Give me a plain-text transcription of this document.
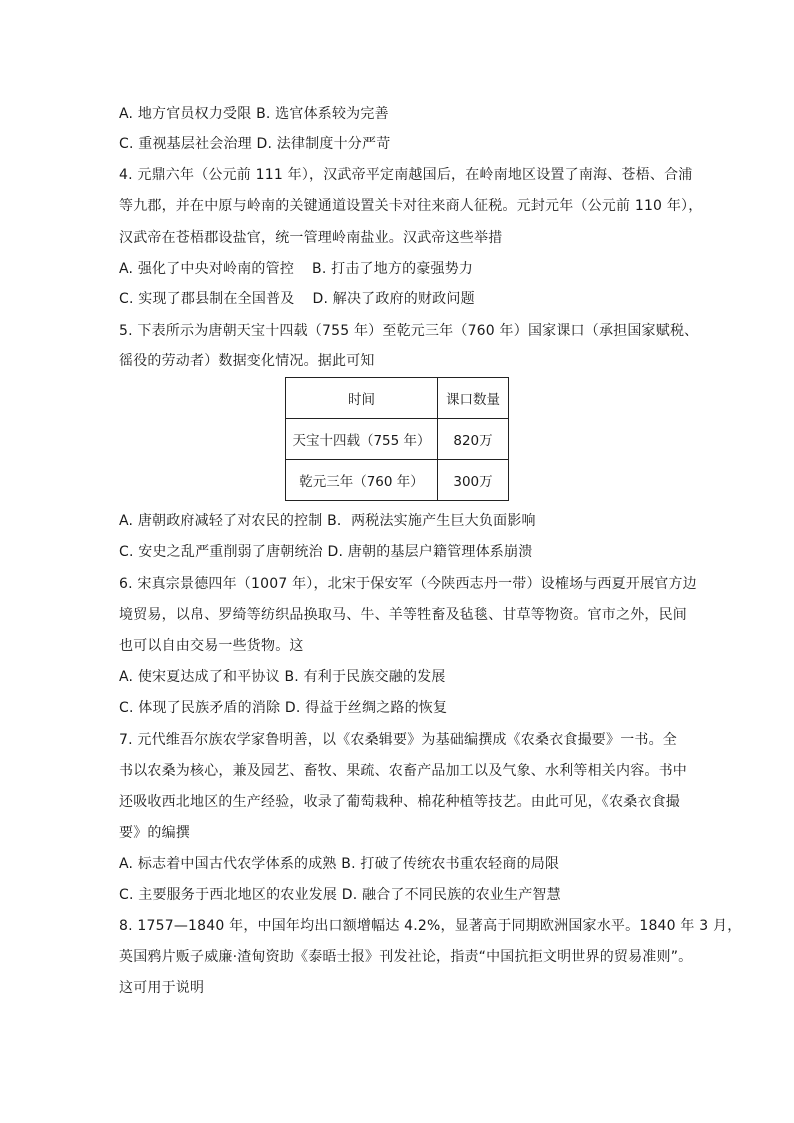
A. 地方官员权力受限 B. 选官体系较为完善
C. 重视基层社会治理 D. 法律制度十分严苛
4. 元鼎六年（公元前 111 年），汉武帝平定南越国后，在岭南地区设置了南海、苍梧、合浦
等九郡，并在中原与岭南的关键通道设置关卡对往来商人征税。元封元年（公元前 110 年），
汉武帝在苍梧郡设盐官，统一管理岭南盐业。汉武帝这些举措
A. 强化了中央对岭南的管控 B. 打击了地方的豪强势力
C. 实现了郡县制在全国普及 D. 解决了政府的财政问题
5. 下表所示为唐朝天宝十四载（755 年）至乾元三年（760 年）国家课口（承担国家赋税、
徭役的劳动者）数据变化情况。据此可知
时间	课口数量
天宝十四载（755 年）	820万
乾元三年（760 年）	300万
A. 唐朝政府减轻了对农民的控制 B．两税法实施产生巨大负面影响
C. 安史之乱严重削弱了唐朝统治 D. 唐朝的基层户籍管理体系崩溃
6. 宋真宗景德四年（1007 年），北宋于保安军（今陕西志丹一带）设榷场与西夏开展官方边
境贸易，以帛、罗绮等纺织品换取马、牛、羊等牲畜及毡毯、甘草等物资。官市之外，民间
也可以自由交易一些货物。这
A. 使宋夏达成了和平协议 B. 有利于民族交融的发展
C. 体现了民族矛盾的消除 D. 得益于丝绸之路的恢复
7. 元代维吾尔族农学家鲁明善，以《农桑辑要》为基础编撰成《农桑衣食撮要》一书。全
书以农桑为核心，兼及园艺、畜牧、果疏、农畜产品加工以及气象、水利等相关内容。书中
还吸收西北地区的生产经验，收录了葡萄栽种、棉花种植等技艺。由此可见，《农桑衣食撮
要》的编撰
A. 标志着中国古代农学体系的成熟 B. 打破了传统农书重农轻商的局限
C. 主要服务于西北地区的农业发展 D. 融合了不同民族的农业生产智慧
8. 1757—1840 年，中国年均出口额增幅达 4.2%，显著高于同期欧洲国家水平。1840 年 3 月，
英国鸦片贩子威廉·渣甸资助《泰晤士报》刊发社论，指责“中国抗拒文明世界的贸易准则”。
这可用于说明
